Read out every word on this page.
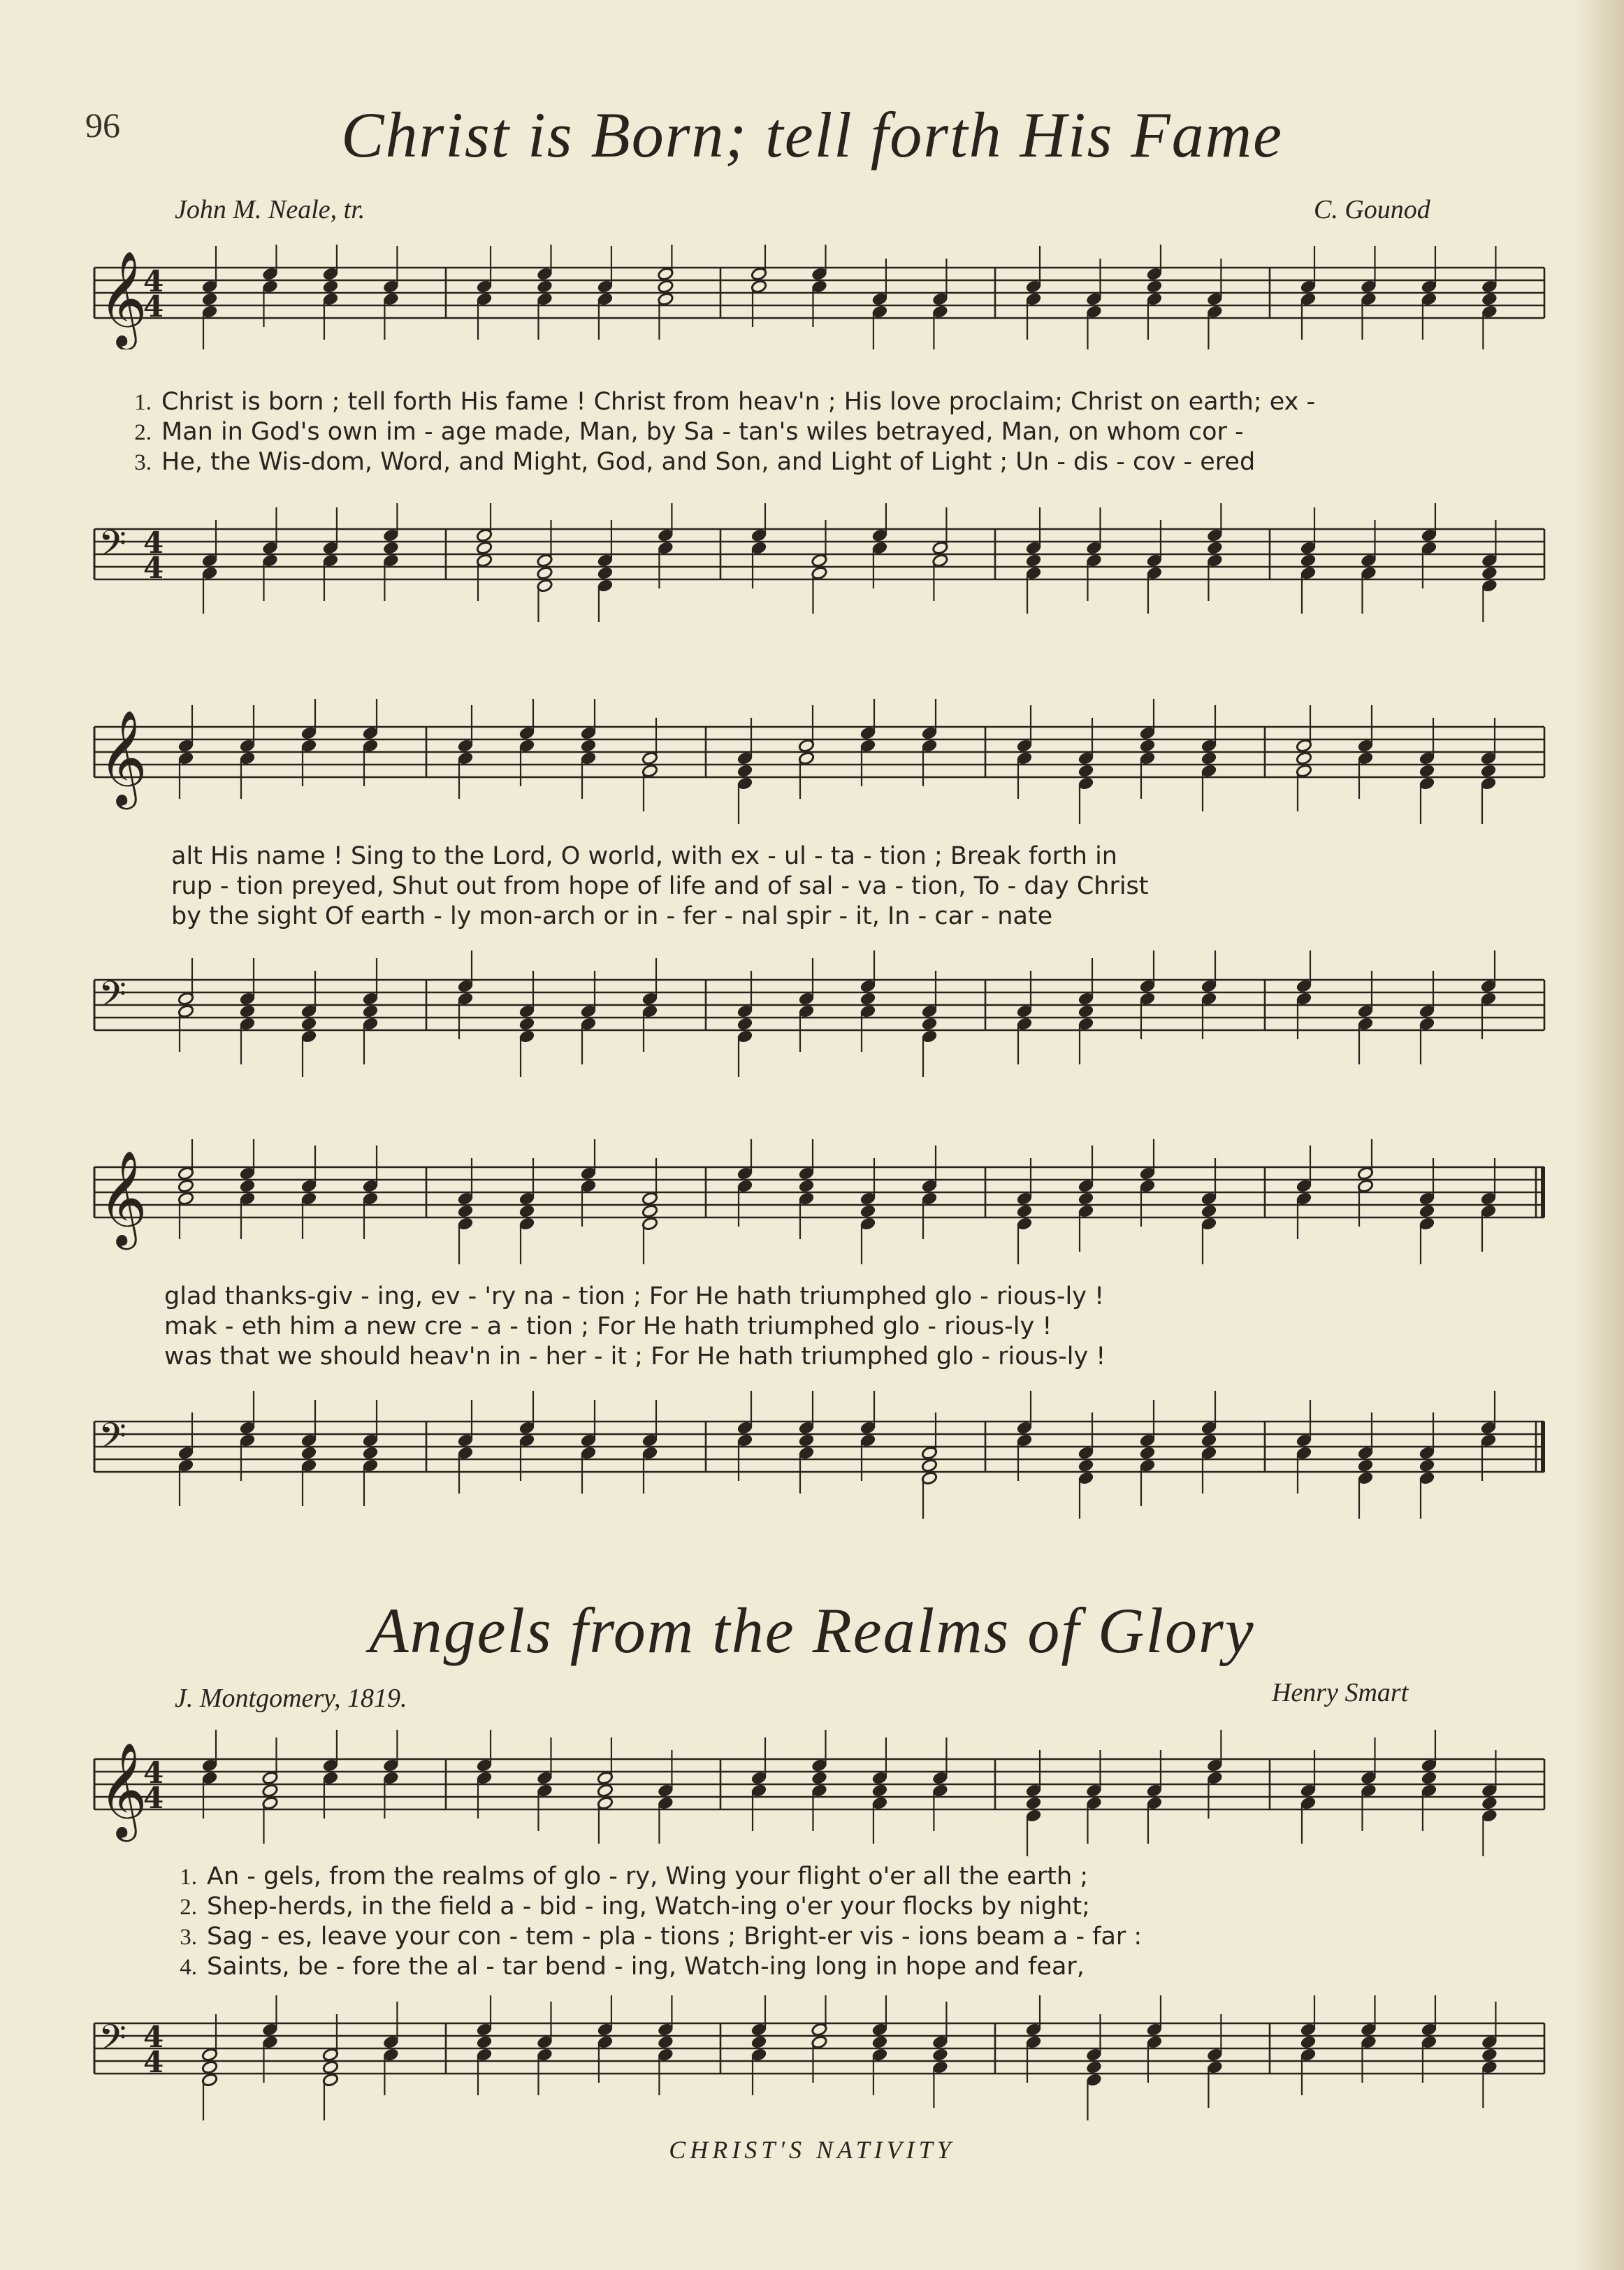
96	Christ is Born; tell forth His Fame
John M. Neale, tr.	C. Gounod
𝄞
4
4
1. Christ is born ; tell forth His fame ! Christ from heav'n ; His love proclaim; Christ on earth; ex -
2. Man in God's own im - age made, Man, by Sa - tan's wiles betrayed, Man, on whom cor -
3. He, the Wis-dom, Word, and Might, God, and Son, and Light of Light ; Un - dis - cov - ered
𝄢 4
4
𝄞
alt His name ! Sing to the Lord, O world, with ex - ul - ta - tion ; Break forth in
rup - tion preyed, Shut out from hope of life and of sal - va - tion, To - day Christ
by the sight Of earth - ly mon-arch or in - fer - nal spir - it, In - car - nate
𝄢
𝄞
glad thanks-giv - ing, ev - 'ry na - tion ; For He hath triumphed glo - rious-ly !
mak - eth him a new cre - a - tion ; For He hath triumphed glo - rious-ly !
was that we should heav'n in - her - it ; For He hath triumphed glo - rious-ly !
𝄢
Angels from the Realms of Glory
J. Montgomery, 1819.	Henry Smart
𝄞
4
4
1. An - gels, from the realms of glo - ry, Wing your flight o'er all the earth ;
2. Shep-herds, in the field a - bid - ing, Watch-ing o'er your flocks by night;
3. Sag - es, leave your con - tem - pla - tions ; Bright-er vis - ions beam a - far :
4. Saints, be - fore the al - tar bend - ing, Watch-ing long in hope and fear,
𝄢 4
4
CHRIST'S NATIVITY
